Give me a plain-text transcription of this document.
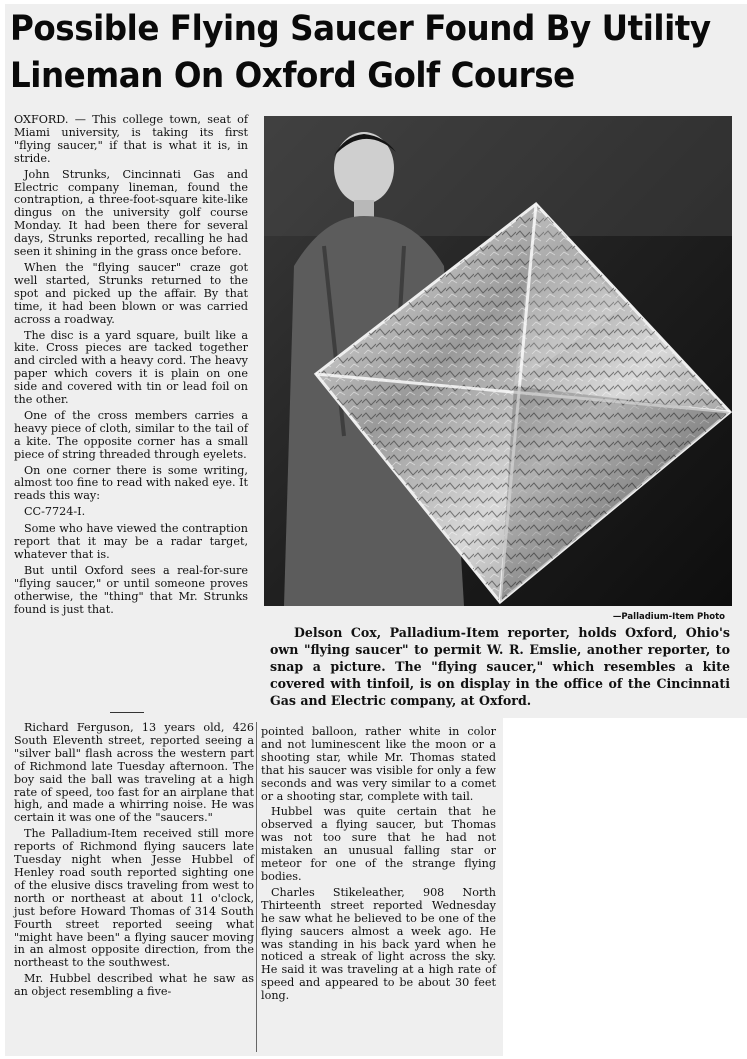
Possible Flying Saucer Found By Utility
Lineman On Oxford Golf Course

OXFORD. — This college town, seat of Miami university, is taking its first "flying saucer," if that is what it is, in stride.

John Strunks, Cincinnati Gas and Electric company lineman, found the contraption, a three-foot-square kite-like dingus on the university golf course Monday. It had been there for several days, Strunks reported, recalling he had seen it shining in the grass once before.

When the "flying saucer" craze got well started, Strunks returned to the spot and picked up the affair. By that time, it had been blown or was carried across a roadway.

The disc is a yard square, built like a kite. Cross pieces are tacked together and circled with a heavy cord. The heavy paper which covers it is plain on one side and covered with tin or lead foil on the other.

One of the cross members carries a heavy piece of cloth, similar to the tail of a kite. The opposite corner has a small piece of string threaded through eyelets.

On one corner there is some writing, almost too fine to read with naked eye. It reads this way:

CC-7724-I.

Some who have viewed the contraption report that it may be a radar target, whatever that is.

But until Oxford sees a real-for-sure "flying saucer," or until someone proves otherwise, the "thing" that Mr. Strunks found is just that.

—Palladium-Item Photo
Delson Cox, Palladium-Item reporter, holds Oxford, Ohio's own "flying saucer" to permit W. R. Emslie, another reporter, to snap a picture. The "flying saucer," which resembles a kite covered with tinfoil, is on display in the office of the Cincinnati Gas and Electric company, at Oxford.

Richard Ferguson, 13 years old, 426 South Eleventh street, reported seeing a "silver ball" flash across the western part of Richmond late Tuesday afternoon. The boy said the ball was traveling at a high rate of speed, too fast for an airplane that high, and made a whirring noise. He was certain it was one of the "saucers."

The Palladium-Item received still more reports of Richmond flying saucers late Tuesday night when Jesse Hubbel of Henley road south reported sighting one of the elusive discs traveling from west to north or northeast at about 11 o'clock, just before Howard Thomas of 314 South Fourth street reported seeing what "might have been" a flying saucer moving in an almost opposite direction, from the northeast to the southwest.

Mr. Hubbel described what he saw as an object resembling a five-

pointed balloon, rather white in color and not luminescent like the moon or a shooting star, while Mr. Thomas stated that his saucer was visible for only a few seconds and was very similar to a comet or a shooting star, complete with tail.

Hubbel was quite certain that he observed a flying saucer, but Thomas was not too sure that he had not mistaken an unusual falling star or meteor for one of the strange flying bodies.

Charles Stikeleather, 908 North Thirteenth street reported Wednesday he saw what he believed to be one of the flying saucers almost a week ago. He was standing in his back yard when he noticed a streak of light across the sky. He said it was traveling at a high rate of speed and appeared to be about 30 feet long.
